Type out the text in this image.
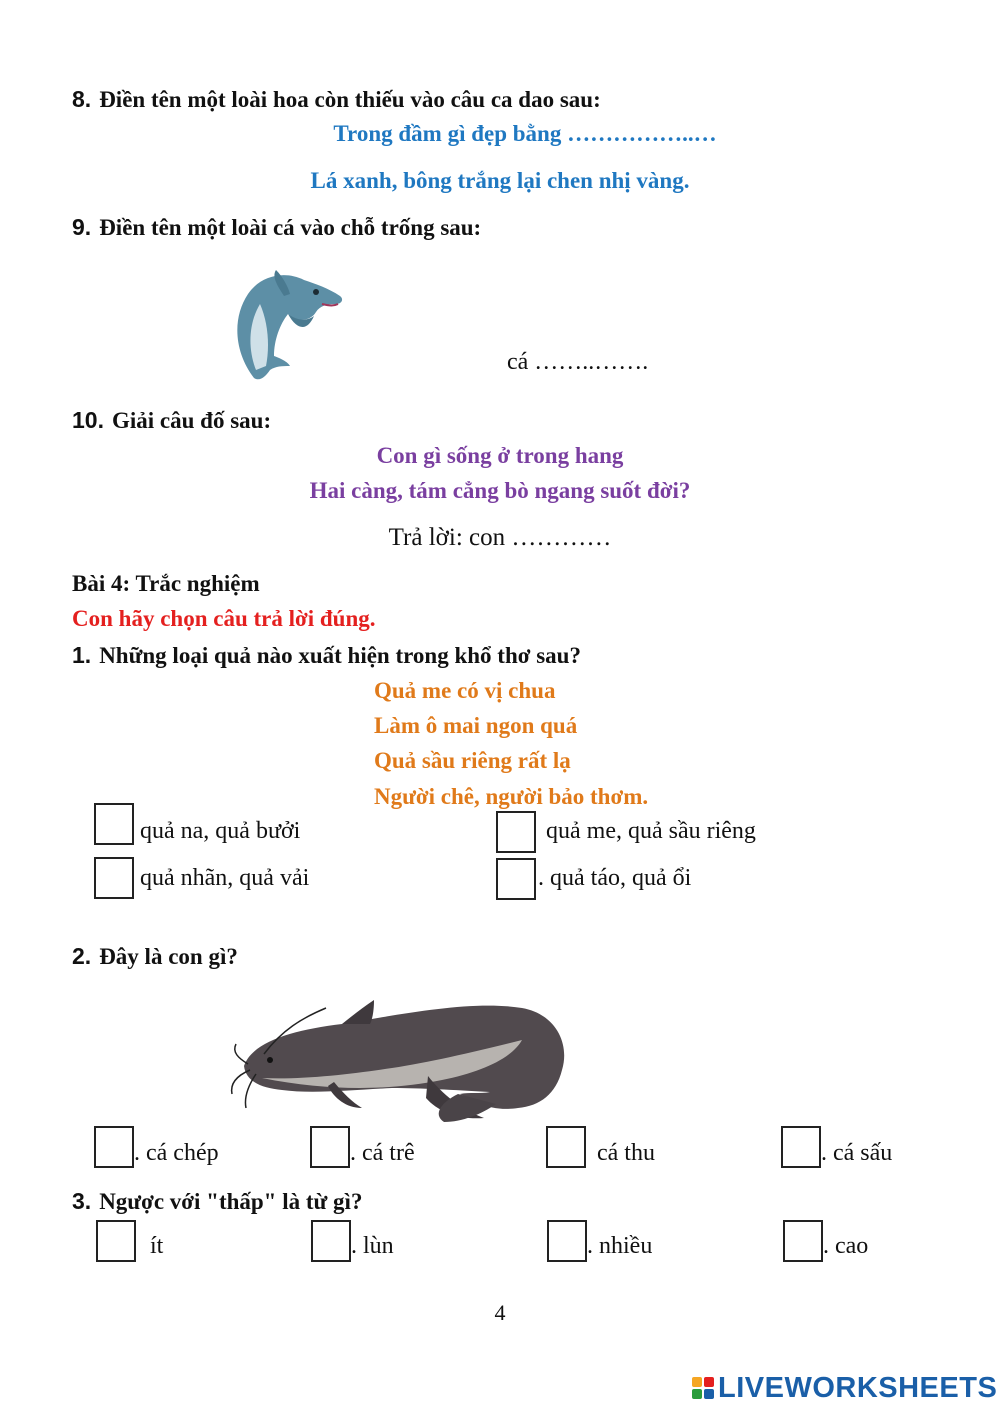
8. Điền tên một loài hoa còn thiếu vào câu ca dao sau:
Trong đầm gì đẹp bằng ……………..…
Lá xanh, bông trắng lại chen nhị vàng.
9. Điền tên một loài cá vào chỗ trống sau:
cá ……..…….
10. Giải câu đố sau:
Con gì sống ở trong hang
Hai càng, tám cẳng bò ngang suốt đời?
Trả lời: con …………
Bài 4: Trắc nghiệm
Con hãy chọn câu trả lời đúng.
1. Những loại quả nào xuất hiện trong khổ thơ sau?
Quả me có vị chua
Làm ô mai ngon quá
Quả sầu riêng rất lạ
Người chê, người bảo thơm.
quả na, quả bưởi	quả me, quả sầu riêng
quả nhãn, quả vải	. quả táo, quả ổi
2. Đây là con gì?
. cá chép	. cá trê	cá thu	. cá sấu
3. Ngược với "thấp" là từ gì?
ít	. lùn	. nhiều	. cao
4
LIVEWORKSHEETS
